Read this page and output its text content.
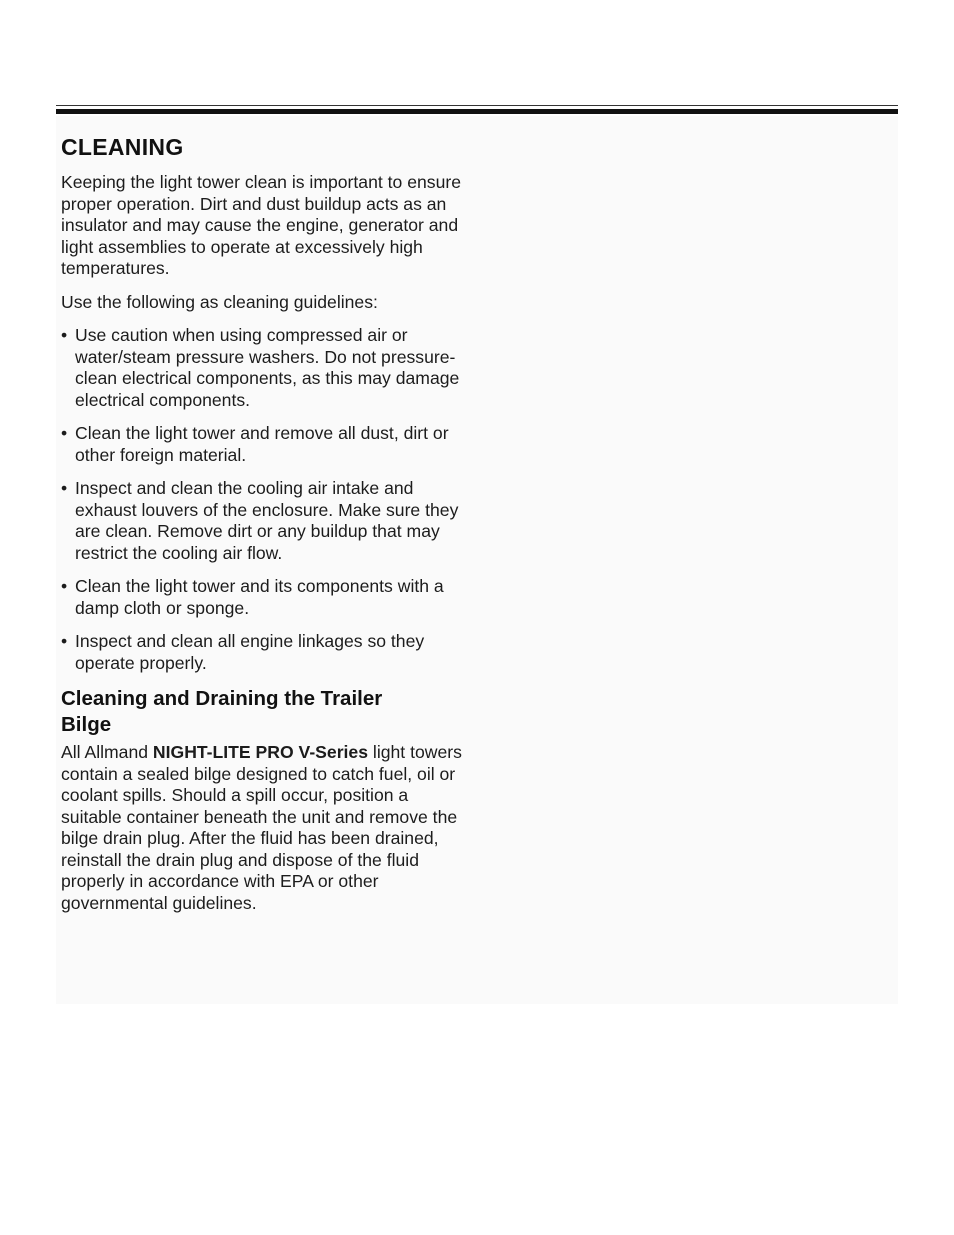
CLEANING

Keeping the light tower clean is important to ensure proper operation. Dirt and dust buildup acts as an insulator and may cause the engine, generator and light assemblies to operate at excessively high temperatures.

Use the following as cleaning guidelines:

• Use caution when using compressed air or water/steam pressure washers. Do not pressure-clean electrical components, as this may damage electrical components.
• Clean the light tower and remove all dust, dirt or other foreign material.
• Inspect and clean the cooling air intake and exhaust louvers of the enclosure. Make sure they are clean. Remove dirt or any buildup that may restrict the cooling air flow.
• Clean the light tower and its components with a damp cloth or sponge.
• Inspect and clean all engine linkages so they operate properly.
Cleaning and Draining the Trailer
Bilge

All Allmand NIGHT-LITE PRO V-Series light towers contain a sealed bilge designed to catch fuel, oil or coolant spills. Should a spill occur, position a suitable container beneath the unit and remove the bilge drain plug. After the fluid has been drained, reinstall the drain plug and dispose of the fluid properly in accordance with EPA or other governmental guidelines.
